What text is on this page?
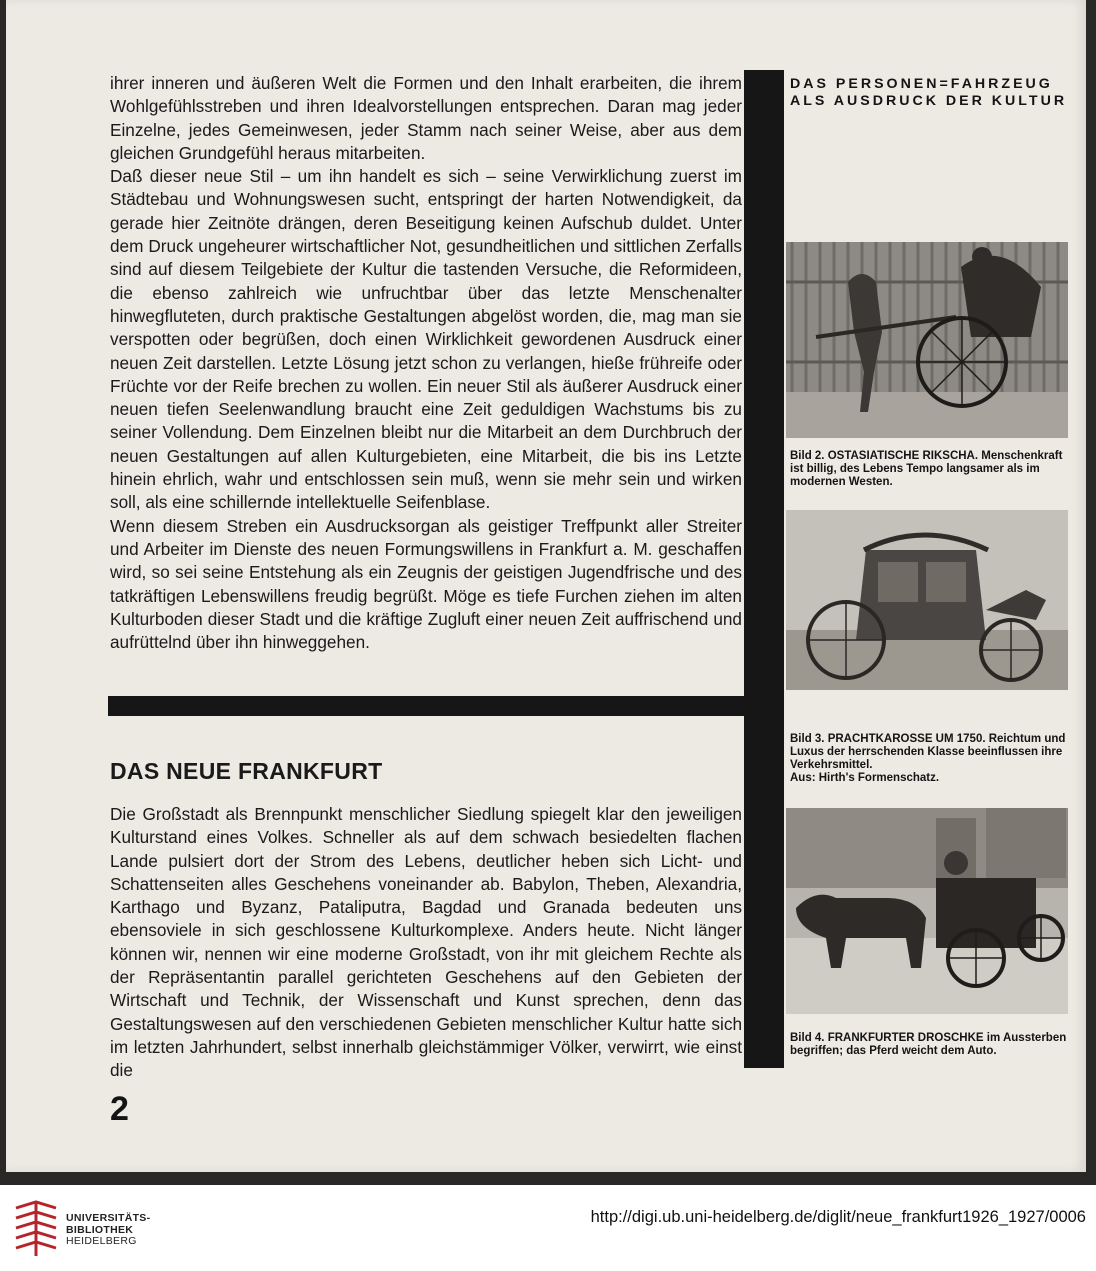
ihrer inneren und äußeren Welt die Formen und den Inhalt erarbeiten, die ihrem Wohlgefühlsstreben und ihren Idealvorstellungen entsprechen. Daran mag jeder Einzelne, jedes Gemeinwesen, jeder Stamm nach seiner Weise, aber aus dem gleichen Grundgefühl heraus mitarbeiten.

Daß dieser neue Stil – um ihn handelt es sich – seine Verwirklichung zuerst im Städtebau und Wohnungswesen sucht, entspringt der harten Notwendigkeit, da gerade hier Zeitnöte drängen, deren Beseitigung keinen Aufschub duldet. Unter dem Druck ungeheurer wirtschaftlicher Not, gesundheitlichen und sittlichen Zerfalls sind auf diesem Teilgebiete der Kultur die tastenden Versuche, die Reformideen, die ebenso zahlreich wie unfruchtbar über das letzte Menschenalter hinwegfluteten, durch praktische Gestaltungen abgelöst worden, die, mag man sie verspotten oder begrüßen, doch einen Wirklichkeit gewordenen Ausdruck einer neuen Zeit darstellen. Letzte Lösung jetzt schon zu verlangen, hieße frühreife oder Früchte vor der Reife brechen zu wollen. Ein neuer Stil als äußerer Ausdruck einer neuen tiefen Seelenwandlung braucht eine Zeit geduldigen Wachstums bis zu seiner Vollendung. Dem Einzelnen bleibt nur die Mitarbeit an dem Durchbruch der neuen Gestaltungen auf allen Kulturgebieten, eine Mitarbeit, die bis ins Letzte hinein ehrlich, wahr und entschlossen sein muß, wenn sie mehr sein und wirken soll, als eine schillernde intellektuelle Seifenblase.

Wenn diesem Streben ein Ausdrucksorgan als geistiger Treffpunkt aller Streiter und Arbeiter im Dienste des neuen Formungswillens in Frankfurt a. M. geschaffen wird, so sei seine Entstehung als ein Zeugnis der geistigen Jugendfrische und des tatkräftigen Lebenswillens freudig begrüßt. Möge es tiefe Furchen ziehen im alten Kulturboden dieser Stadt und die kräftige Zugluft einer neuen Zeit auffrischend und aufrüttelnd über ihn hinweggehen.

DAS NEUE FRANKFURT

Die Großstadt als Brennpunkt menschlicher Siedlung spiegelt klar den jeweiligen Kulturstand eines Volkes. Schneller als auf dem schwach besiedelten flachen Lande pulsiert dort der Strom des Lebens, deutlicher heben sich Licht- und Schattenseiten alles Geschehens voneinander ab. Babylon, Theben, Alexandria, Karthago und Byzanz, Pataliputra, Bagdad und Granada bedeuten uns ebensoviele in sich geschlossene Kulturkomplexe. Anders heute. Nicht länger können wir, nennen wir eine moderne Großstadt, von ihr mit gleichem Rechte als der Repräsentantin parallel gerichteten Geschehens auf den Gebieten der Wirtschaft und Technik, der Wissenschaft und Kunst sprechen, denn das Gestaltungswesen auf den verschiedenen Gebieten menschlicher Kultur hatte sich im letzten Jahrhundert, selbst innerhalb gleichstämmiger Völker, verwirrt, wie einst die

DAS PERSONEN=FAHRZEUG
ALS AUSDRUCK DER KULTUR

Bild 2. OSTASIATISCHE RIKSCHA. Menschenkraft ist billig, des Lebens Tempo langsamer als im modernen Westen.

Bild 3. PRACHTKAROSSE UM 1750. Reichtum und Luxus der herrschenden Klasse beeinflussen ihre Verkehrsmittel.

Aus: Hirth's Formenschatz.

Bild 4. FRANKFURTER DROSCHKE im Aussterben begriffen; das Pferd weicht dem Auto.

2
UNIVERSITÄTS-
BIBLIOTHEK
HEIDELBERG
http://digi.ub.uni-heidelberg.de/diglit/neue_frankfurt1926_1927/0006
